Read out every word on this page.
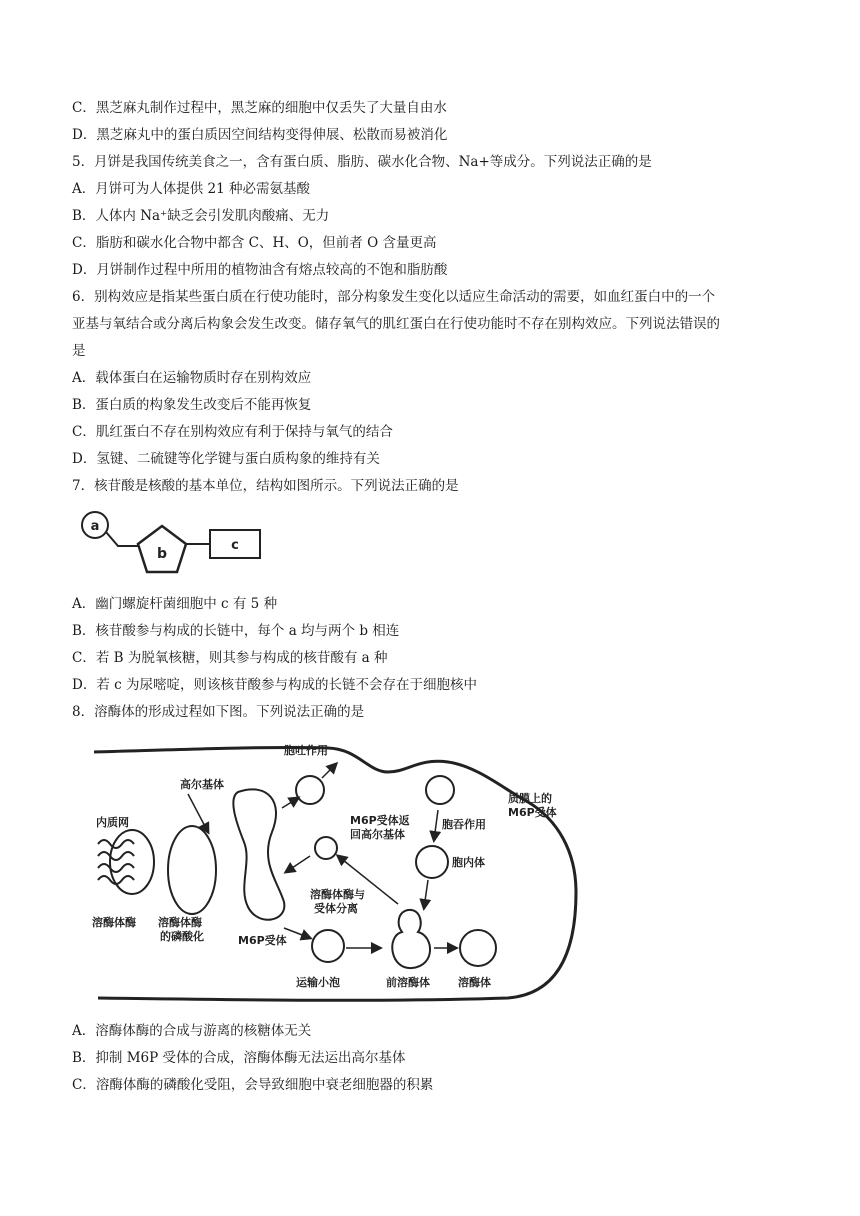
C．黑芝麻丸制作过程中，黑芝麻的细胞中仅丢失了大量自由水
D．黑芝麻丸中的蛋白质因空间结构变得伸展、松散而易被消化
5．月饼是我国传统美食之一，含有蛋白质、脂肪、碳水化合物、Na+等成分。下列说法正确的是
A．月饼可为人体提供 21 种必需氨基酸
B．人体内 Na⁺缺乏会引发肌肉酸痛、无力
C．脂肪和碳水化合物中都含 C、H、O，但前者 O 含量更高
D．月饼制作过程中所用的植物油含有熔点较高的不饱和脂肪酸
6．别构效应是指某些蛋白质在行使功能时，部分构象发生变化以适应生命活动的需要，如血红蛋白中的一个
亚基与氧结合或分离后构象会发生改变。储存氧气的肌红蛋白在行使功能时不存在别构效应。下列说法错误的
是
A．载体蛋白在运输物质时存在别构效应
B．蛋白质的构象发生改变后不能再恢复
C．肌红蛋白不存在别构效应有利于保持与氧气的结合
D．氢键、二硫键等化学键与蛋白质构象的维持有关
7．核苷酸是核酸的基本单位，结构如图所示。下列说法正确的是
a
b
c
A．幽门螺旋杆菌细胞中 c 有 5 种
B．核苷酸参与构成的长链中，每个 a 均与两个 b 相连
C．若 B 为脱氧核糖，则其参与构成的核苷酸有 a 种
D．若 c 为尿嘧啶，则该核苷酸参与构成的长链不会存在于细胞核中
8．溶酶体的形成过程如下图。下列说法正确的是
内质网
溶酶体酶
高尔基体
溶酶体酶
的磷酸化	M6P受体
胞吐作用
胞吞作用
质膜上的
M6P受体
胞内体
M6P受体返
回高尔基体
溶酶体酶与
受体分离
运输小泡	前溶酶体	溶酶体
A．溶酶体酶的合成与游离的核糖体无关
B．抑制 M6P 受体的合成，溶酶体酶无法运出高尔基体
C．溶酶体酶的磷酸化受阻，会导致细胞中衰老细胞器的积累
